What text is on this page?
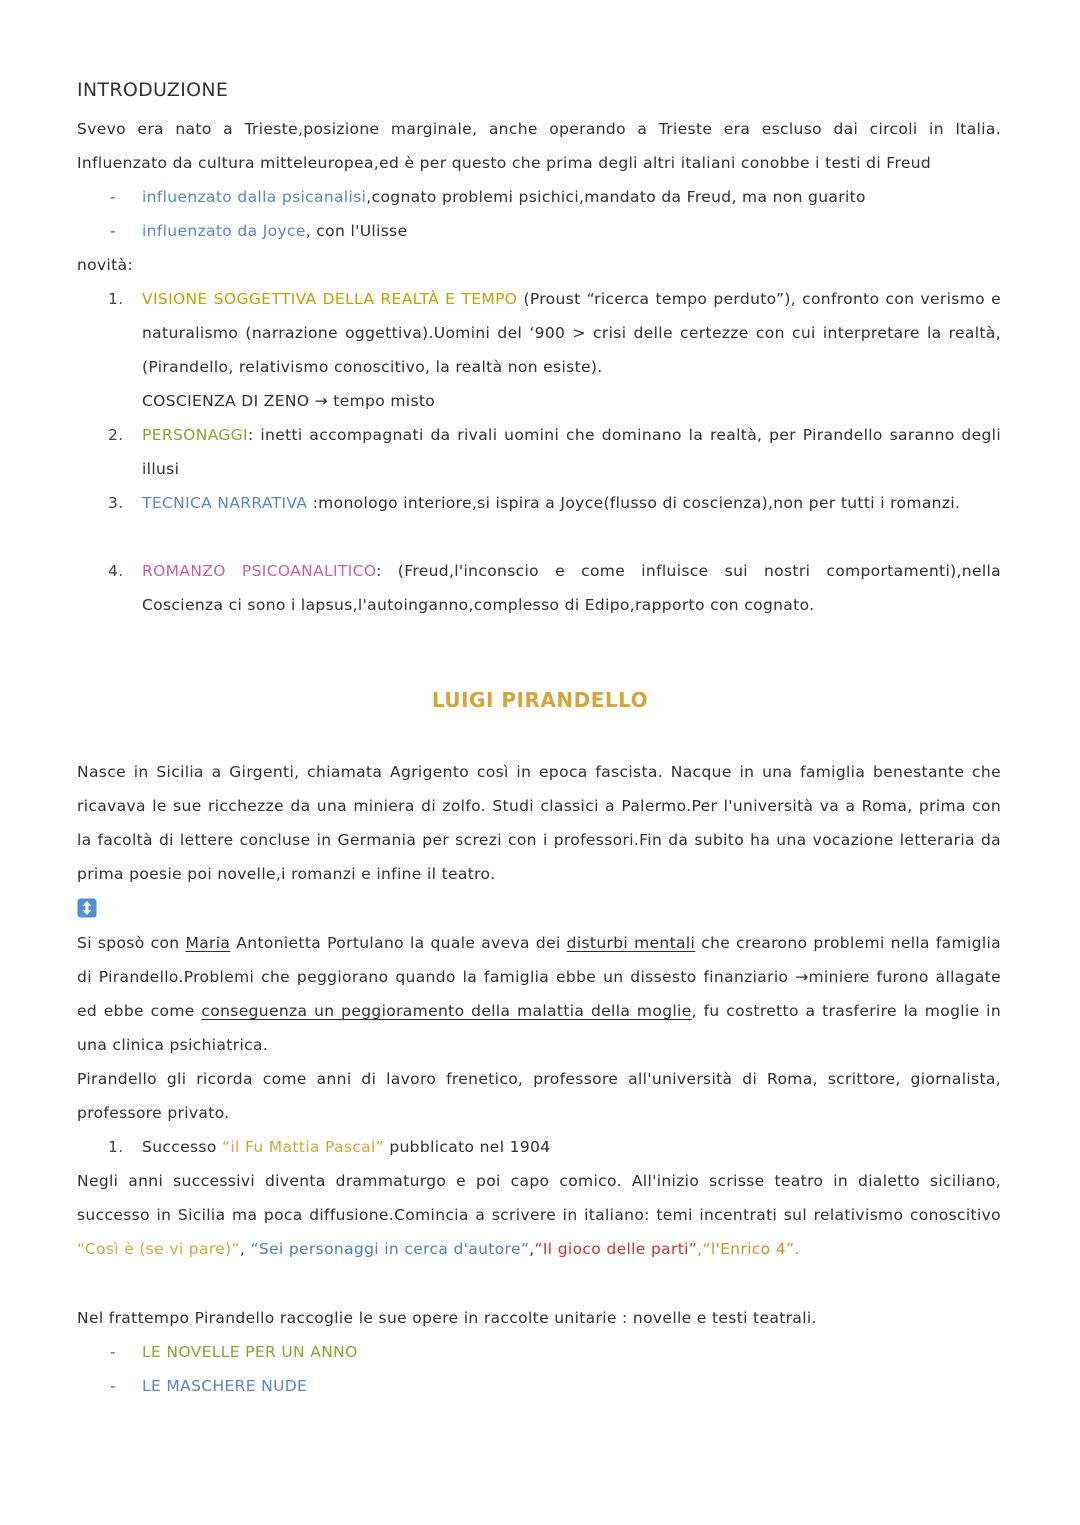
INTRODUZIONE
Svevo era nato a Trieste,posizione marginale, anche operando a Trieste era escluso dai circoli in Italia. Influenzato da cultura mitteleuropea,ed è per questo che prima degli altri italiani conobbe i testi di Freud
- influenzato dalla psicanalisi,cognato problemi psichici,mandato da Freud, ma non guarito
- influenzato da Joyce, con l'Ulisse
novità:
1. VISIONE SOGGETTIVA DELLA REALTÀ E TEMPO (Proust “ricerca tempo perduto”), confronto con verismo e naturalismo (narrazione oggettiva).Uomini del ‘900 > crisi delle certezze con cui interpretare la realtà, (Pirandello, relativismo conoscitivo, la realtà non esiste).
COSCIENZA DI ZENO → tempo misto
2. PERSONAGGI: inetti accompagnati da rivali uomini che dominano la realtà, per Pirandello saranno degli illusi
3. TECNICA NARRATIVA :monologo interiore,si ispira a Joyce(flusso di coscienza),non per tutti i romanzi.
4. ROMANZO PSICOANALITICO: (Freud,l'inconscio e come influisce sui nostri comportamenti),nella Coscienza ci sono i lapsus,l'autoinganno,complesso di Edipo,rapporto con cognato.
LUIGI PIRANDELLO
Nasce in Sicilia a Girgenti, chiamata Agrigento così in epoca fascista. Nacque in una famiglia benestante che ricavava le sue ricchezze da una miniera di zolfo. Studi classici a Palermo.Per l'università va a Roma, prima con la facoltà di lettere concluse in Germania per screzi con i professori.Fin da subito ha una vocazione letteraria da prima poesie poi novelle,i romanzi e infine il teatro.
Si sposò con Maria Antonietta Portulano la quale aveva dei disturbi mentali che crearono problemi nella famiglia di Pirandello.Problemi che peggiorano quando la famiglia ebbe un dissesto finanziario →miniere furono allagate ed ebbe come conseguenza un peggioramento della malattia della moglie, fu costretto a trasferire la moglie in una clinica psichiatrica.
Pirandello gli ricorda come anni di lavoro frenetico, professore all'università di Roma, scrittore, giornalista, professore privato.
1. Successo “il Fu Mattia Pascal” pubblicato nel 1904
Negli anni successivi diventa drammaturgo e poi capo comico. All'inizio scrisse teatro in dialetto siciliano, successo in Sicilia ma poca diffusione.Comincia a scrivere in italiano: temi incentrati sul relativismo conoscitivo “Così è (se vi pare)”, “Sei personaggi in cerca d'autore”,“Il gioco delle parti”,“l'Enrico 4”.
Nel frattempo Pirandello raccoglie le sue opere in raccolte unitarie : novelle e testi teatrali.
- LE NOVELLE PER UN ANNO
- LE MASCHERE NUDE
